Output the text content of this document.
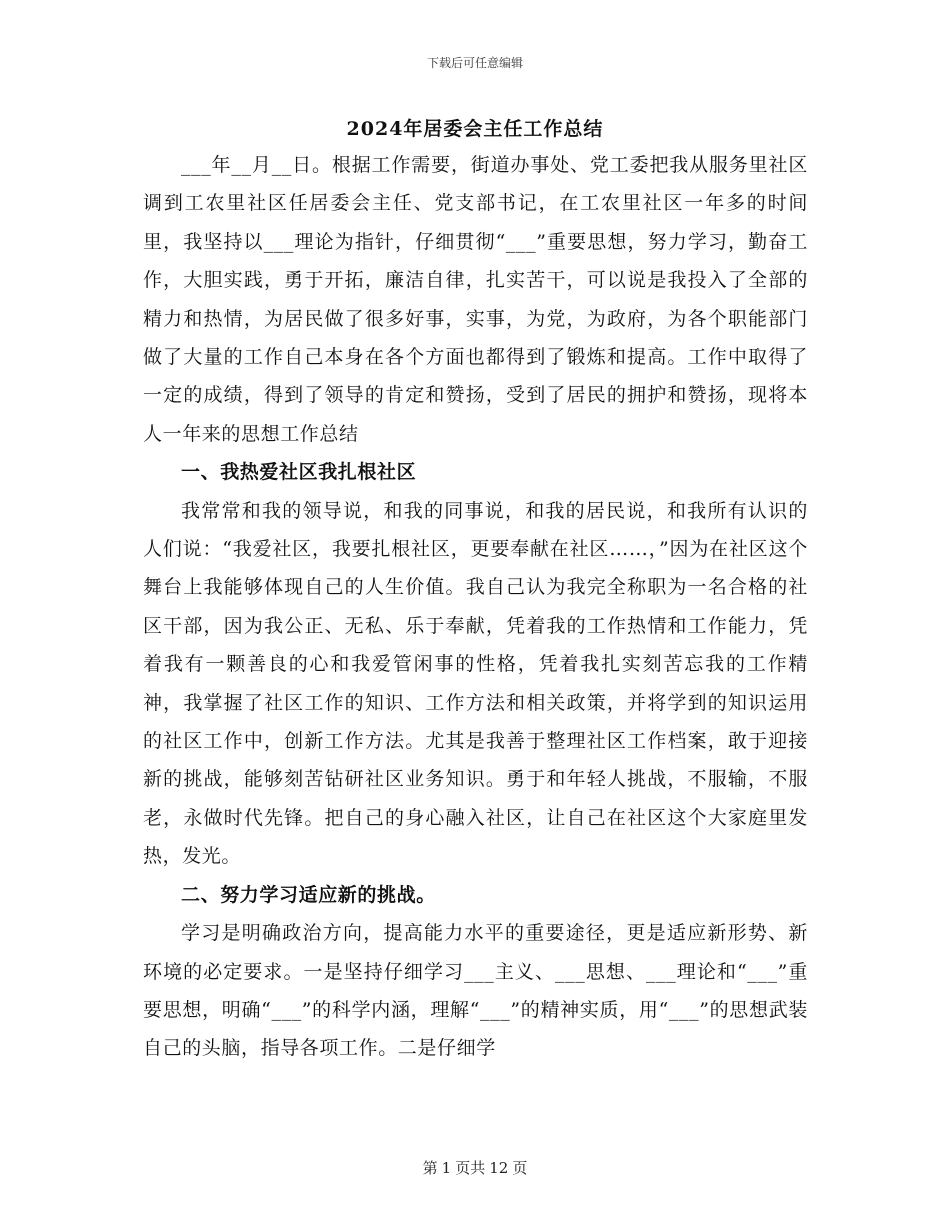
下载后可任意编辑
2024年居委会主任工作总结

___年__月__日。根据工作需要，街道办事处、党工委把我从服务里社区调到工农里社区任居委会主任、党支部书记，在工农里社区一年多的时间里，我坚持以___理论为指针，仔细贯彻“___”重要思想，努力学习，勤奋工作，大胆实践，勇于开拓，廉洁自律，扎实苦干，可以说是我投入了全部的精力和热情，为居民做了很多好事，实事，为党，为政府，为各个职能部门做了大量的工作自己本身在各个方面也都得到了锻炼和提高。工作中取得了一定的成绩，得到了领导的肯定和赞扬，受到了居民的拥护和赞扬，现将本人一年来的思想工作总结

一、我热爱社区我扎根社区

我常常和我的领导说，和我的同事说，和我的居民说，和我所有认识的人们说：“我爱社区，我要扎根社区，更要奉献在社区……，”因为在社区这个舞台上我能够体现自己的人生价值。我自己认为我完全称职为一名合格的社区干部，因为我公正、无私、乐于奉献，凭着我的工作热情和工作能力，凭着我有一颗善良的心和我爱管闲事的性格，凭着我扎实刻苦忘我的工作精神，我掌握了社区工作的知识、工作方法和相关政策，并将学到的知识运用的社区工作中，创新工作方法。尤其是我善于整理社区工作档案，敢于迎接新的挑战，能够刻苦钻研社区业务知识。勇于和年轻人挑战，不服输，不服老，永做时代先锋。把自己的身心融入社区，让自己在社区这个大家庭里发热，发光。

二、努力学习适应新的挑战。

学习是明确政治方向，提高能力水平的重要途径，更是适应新形势、新环境的必定要求。一是坚持仔细学习___主义、___思想、___理论和“___”重要思想，明确“___”的科学内涵，理解“___”的精神实质，用“___”的思想武装自己的头脑，指导各项工作。二是仔细学

第 1 页共 12 页
